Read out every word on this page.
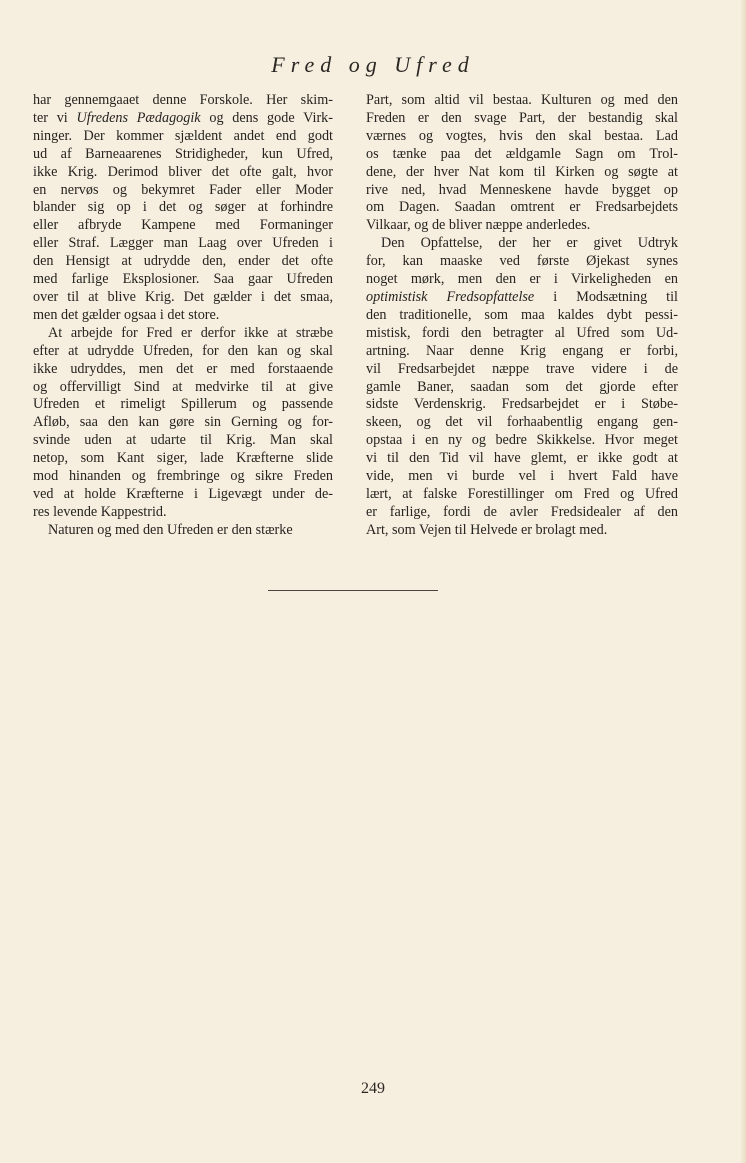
Fred og Ufred
har gennemgaaet denne Forskole. Her skim-
ter vi Ufredens Pædagogik og dens gode Virk-
ninger. Der kommer sjældent andet end godt
ud af Barneaarenes Stridigheder, kun Ufred,
ikke Krig. Derimod bliver det ofte galt, hvor
en nervøs og bekymret Fader eller Moder
blander sig op i det og søger at forhindre
eller afbryde Kampene med Formaninger
eller Straf. Lægger man Laag over Ufreden i
den Hensigt at udrydde den, ender det ofte
med farlige Eksplosioner. Saa gaar Ufreden
over til at blive Krig. Det gælder i det smaa,
men det gælder ogsaa i det store.
At arbejde for Fred er derfor ikke at stræbe
efter at udrydde Ufreden, for den kan og skal
ikke udryddes, men det er med forstaaende
og offervilligt Sind at medvirke til at give
Ufreden et rimeligt Spillerum og passende
Afløb, saa den kan gøre sin Gerning og for-
svinde uden at udarte til Krig. Man skal
netop, som Kant siger, lade Kræfterne slide
mod hinanden og frembringe og sikre Freden
ved at holde Kræfterne i Ligevægt under de-
res levende Kappestrid.
Naturen og med den Ufreden er den stærke
Part, som altid vil bestaa. Kulturen og med den
Freden er den svage Part, der bestandig skal
værnes og vogtes, hvis den skal bestaa. Lad
os tænke paa det ældgamle Sagn om Trol-
dene, der hver Nat kom til Kirken og søgte at
rive ned, hvad Menneskene havde bygget op
om Dagen. Saadan omtrent er Fredsarbejdets
Vilkaar, og de bliver næppe anderledes.
Den Opfattelse, der her er givet Udtryk
for, kan maaske ved første Øjekast synes
noget mørk, men den er i Virkeligheden en
optimistisk Fredsopfattelse i Modsætning til
den traditionelle, som maa kaldes dybt pessi-
mistisk, fordi den betragter al Ufred som Ud-
artning. Naar denne Krig engang er forbi,
vil Fredsarbejdet næppe trave videre i de
gamle Baner, saadan som det gjorde efter
sidste Verdenskrig. Fredsarbejdet er i Støbe-
skeen, og det vil forhaabentlig engang gen-
opstaa i en ny og bedre Skikkelse. Hvor meget
vi til den Tid vil have glemt, er ikke godt at
vide, men vi burde vel i hvert Fald have
lært, at falske Forestillinger om Fred og Ufred
er farlige, fordi de avler Fredsidealer af den
Art, som Vejen til Helvede er brolagt med.
249
